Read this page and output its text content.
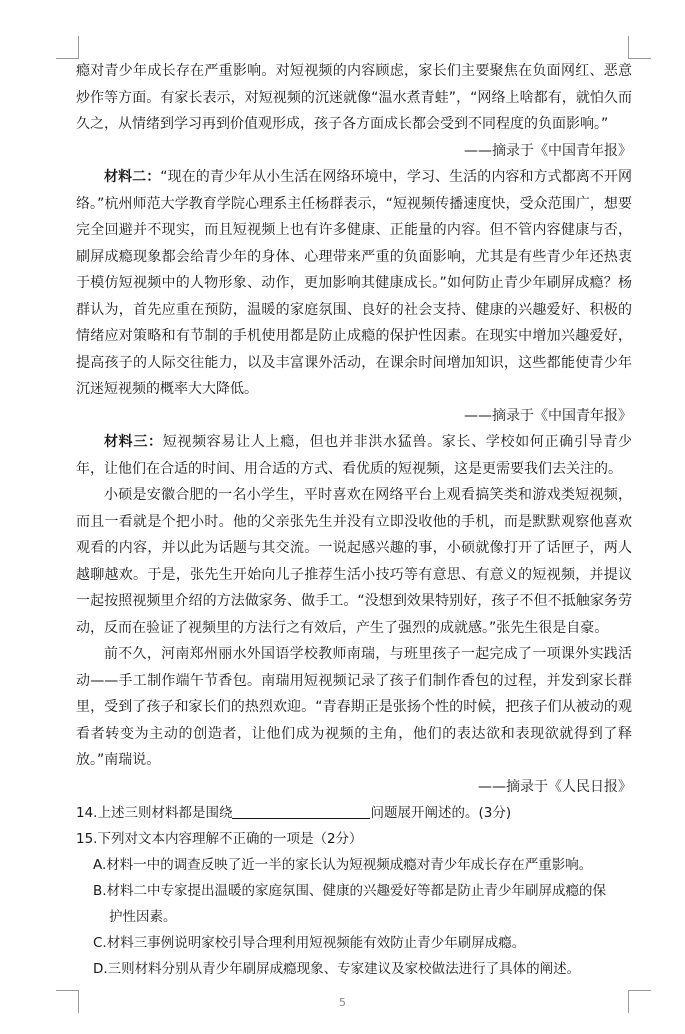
瘾对青少年成长存在严重影响。对短视频的内容顾虑，家长们主要聚焦在负面网红、恶意炒作等方面。有家长表示，对短视频的沉迷就像“温水煮青蛙”，“网络上啥都有，就怕久而久之，从情绪到学习再到价值观形成，孩子各方面成长都会受到不同程度的负面影响。”

——摘录于《中国青年报》

材料二：“现在的青少年从小生活在网络环境中，学习、生活的内容和方式都离不开网络。”杭州师范大学教育学院心理系主任杨群表示，“短视频传播速度快，受众范围广，想要完全回避并不现实，而且短视频上也有许多健康、正能量的内容。但不管内容健康与否，刷屏成瘾现象都会给青少年的身体、心理带来严重的负面影响，尤其是有些青少年还热衷于模仿短视频中的人物形象、动作，更加影响其健康成长。”如何防止青少年刷屏成瘾？杨群认为，首先应重在预防，温暖的家庭氛围、良好的社会支持、健康的兴趣爱好、积极的情绪应对策略和有节制的手机使用都是防止成瘾的保护性因素。在现实中增加兴趣爱好，提高孩子的人际交往能力，以及丰富课外活动，在课余时间增加知识，这些都能使青少年沉迷短视频的概率大大降低。

——摘录于《中国青年报》

材料三：短视频容易让人上瘾，但也并非洪水猛兽。家长、学校如何正确引导青少年，让他们在合适的时间、用合适的方式、看优质的短视频，这是更需要我们去关注的。

小硕是安徽合肥的一名小学生，平时喜欢在网络平台上观看搞笑类和游戏类短视频，而且一看就是个把小时。他的父亲张先生并没有立即没收他的手机，而是默默观察他喜欢观看的内容，并以此为话题与其交流。一说起感兴趣的事，小硕就像打开了话匣子，两人越聊越欢。于是，张先生开始向儿子推荐生活小技巧等有意思、有意义的短视频，并提议一起按照视频里介绍的方法做家务、做手工。“没想到效果特别好，孩子不但不抵触家务劳动，反而在验证了视频里的方法行之有效后，产生了强烈的成就感。”张先生很是自豪。

前不久，河南郑州丽水外国语学校教师南瑞，与班里孩子一起完成了一项课外实践活动——手工制作端午节香包。南瑞用短视频记录了孩子们制作香包的过程，并发到家长群里，受到了孩子和家长们的热烈欢迎。“青春期正是张扬个性的时候，把孩子们从被动的观看者转变为主动的创造者，让他们成为视频的主角，他们的表达欲和表现欲就得到了释放。”南瑞说。

——摘录于《人民日报》

14.上述三则材料都是围绕	问题展开阐述的。(3分)

15.下列对文本内容理解不正确的一项是（2分）

A.材料一中的调查反映了近一半的家长认为短视频成瘾对青少年成长存在严重影响。

B.材料二中专家提出温暖的家庭氛围、健康的兴趣爱好等都是防止青少年刷屏成瘾的保

护性因素。

C.材料三事例说明家校引导合理利用短视频能有效防止青少年刷屏成瘾。

D.三则材料分别从青少年刷屏成瘾现象、专家建议及家校做法进行了具体的阐述。

5
